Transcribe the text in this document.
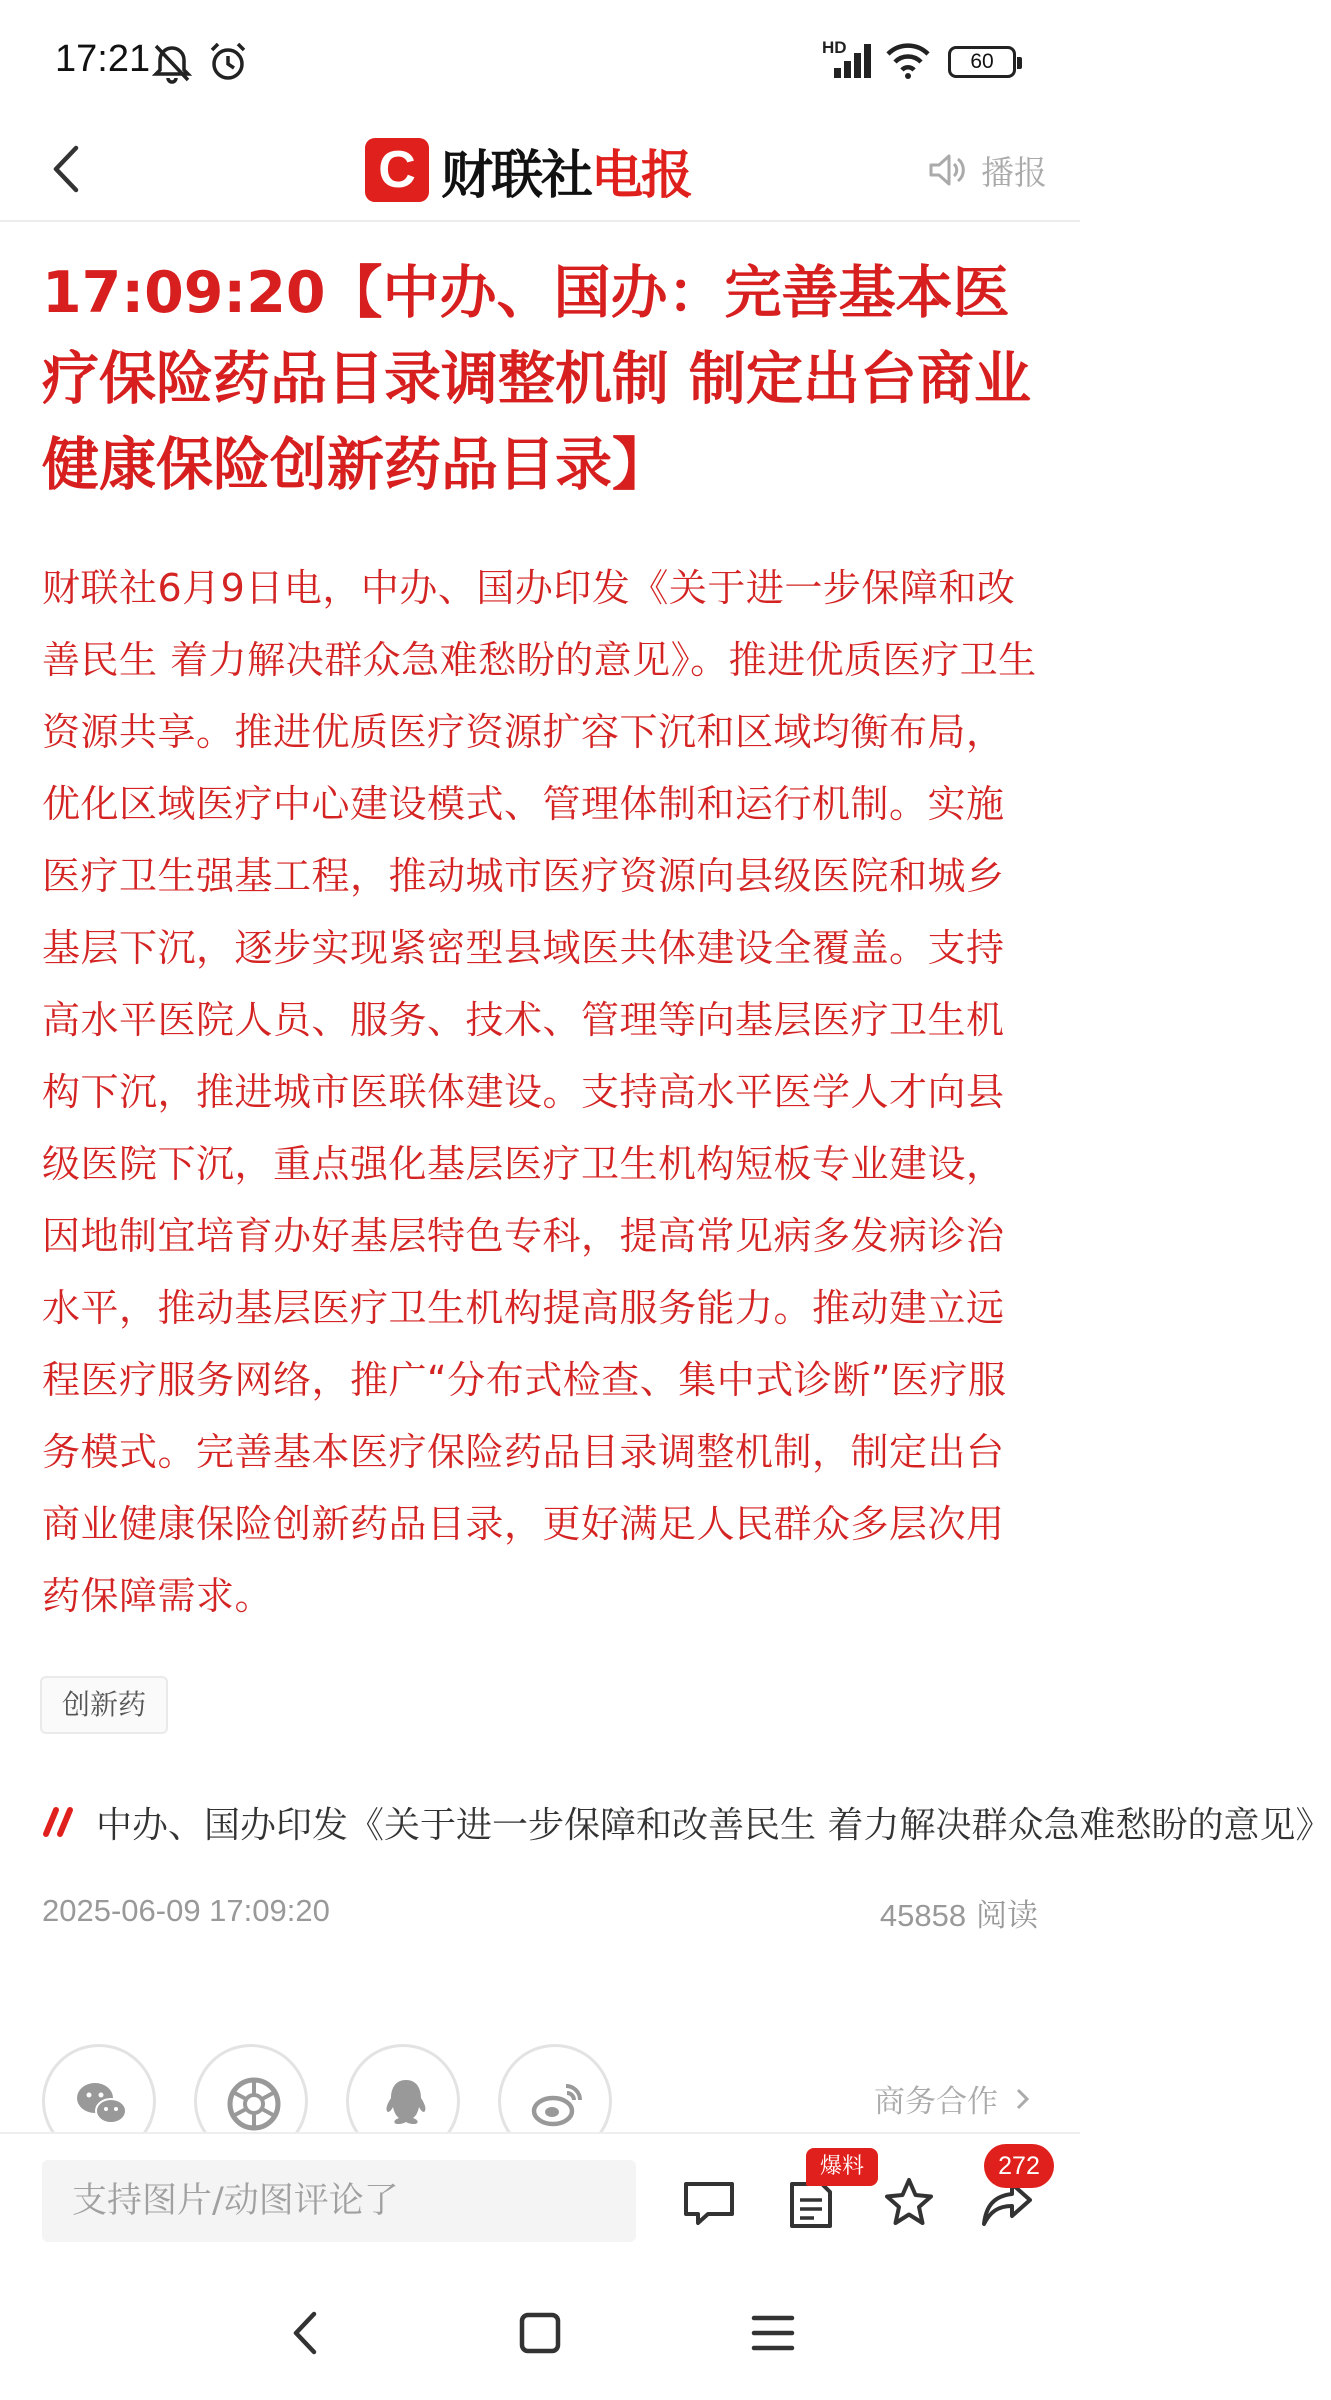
17:21	HD
60
C 财联社 电报	播报
17:09:20【中办、国办：完善基本医疗保险药品目录调整机制 制定出台商业健康保险创新药品目录】
财联社6月9日电，中办、国办印发《关于进一步保障和改善民生 着力解决群众急难愁盼的意见》。推进优质医疗卫生资源共享。推进优质医疗资源扩容下沉和区域均衡布局，优化区域医疗中心建设模式、管理体制和运行机制。实施医疗卫生强基工程，推动城市医疗资源向县级医院和城乡基层下沉，逐步实现紧密型县域医共体建设全覆盖。支持高水平医院人员、服务、技术、管理等向基层医疗卫生机构下沉，推进城市医联体建设。支持高水平医学人才向县级医院下沉，重点强化基层医疗卫生机构短板专业建设，因地制宜培育办好基层特色专科，提高常见病多发病诊治水平，推动基层医疗卫生机构提高服务能力。推动建立远程医疗服务网络，推广“分布式检查、集中式诊断”医疗服务模式。完善基本医疗保险药品目录调整机制，制定出台商业健康保险创新药品目录，更好满足人民群众多层次用药保障需求。
创新药
中办、国办印发《关于进一步保障和改善民生 着力解决群众急难愁盼的意见》
2025-06-09 17:09:20	45858 阅读
商务合作
支持图片/动图评论了
爆料	272
